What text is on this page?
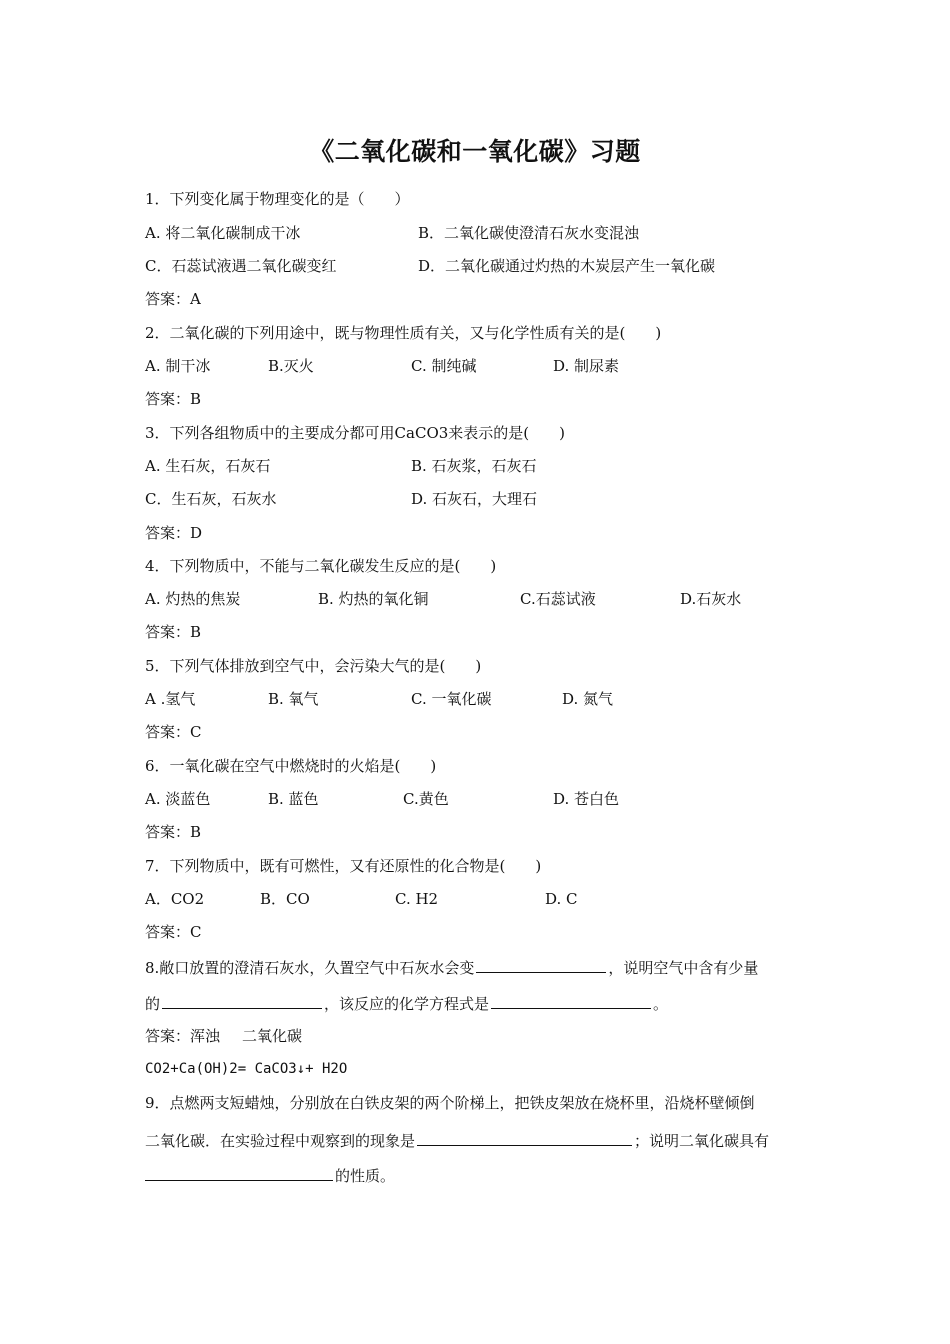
《二氧化碳和一氧化碳》习题
1．下列变化属于物理变化的是（　　）
A. 将二氧化碳制成干冰	B．二氧化碳使澄清石灰水变混浊
C．石蕊试液遇二氧化碳变红	D．二氧化碳通过灼热的木炭层产生一氧化碳
答案：A
2．二氧化碳的下列用途中，既与物理性质有关，又与化学性质有关的是(　　)
A. 制干冰	B.灭火	C. 制纯碱	D. 制尿素
答案：B
3．下列各组物质中的主要成分都可用CaCO3来表示的是(　　)
A. 生石灰，石灰石	B. 石灰浆，石灰石
C．生石灰，石灰水	D. 石灰石，大理石
答案：D
4．下列物质中，不能与二氧化碳发生反应的是(　　)
A. 灼热的焦炭	B. 灼热的氧化铜	C.石蕊试液	D.石灰水
答案：B
5．下列气体排放到空气中，会污染大气的是(　　)
A .氢气	B. 氧气	C. 一氧化碳	D. 氮气
答案：C
6．一氧化碳在空气中燃烧时的火焰是(　　)
A. 淡蓝色	B. 蓝色	C.黄色	D. 苍白色
答案：B
7．下列物质中，既有可燃性，又有还原性的化合物是(　　)
A．CO2	B．CO	C. H2	D. C
答案：C
8.敞口放置的澄清石灰水，久置空气中石灰水会变	，说明空气中含有少量
的	，该反应的化学方程式是	。
答案：浑浊 二氧化碳
CO2+Ca(OH)2= CaCO3↓+ H2O
9．点燃两支短蜡烛，分别放在白铁皮架的两个阶梯上，把铁皮架放在烧杯里，沿烧杯壁倾倒
二氧化碳．在实验过程中观察到的现象是	；说明二氧化碳具有
的性质。
